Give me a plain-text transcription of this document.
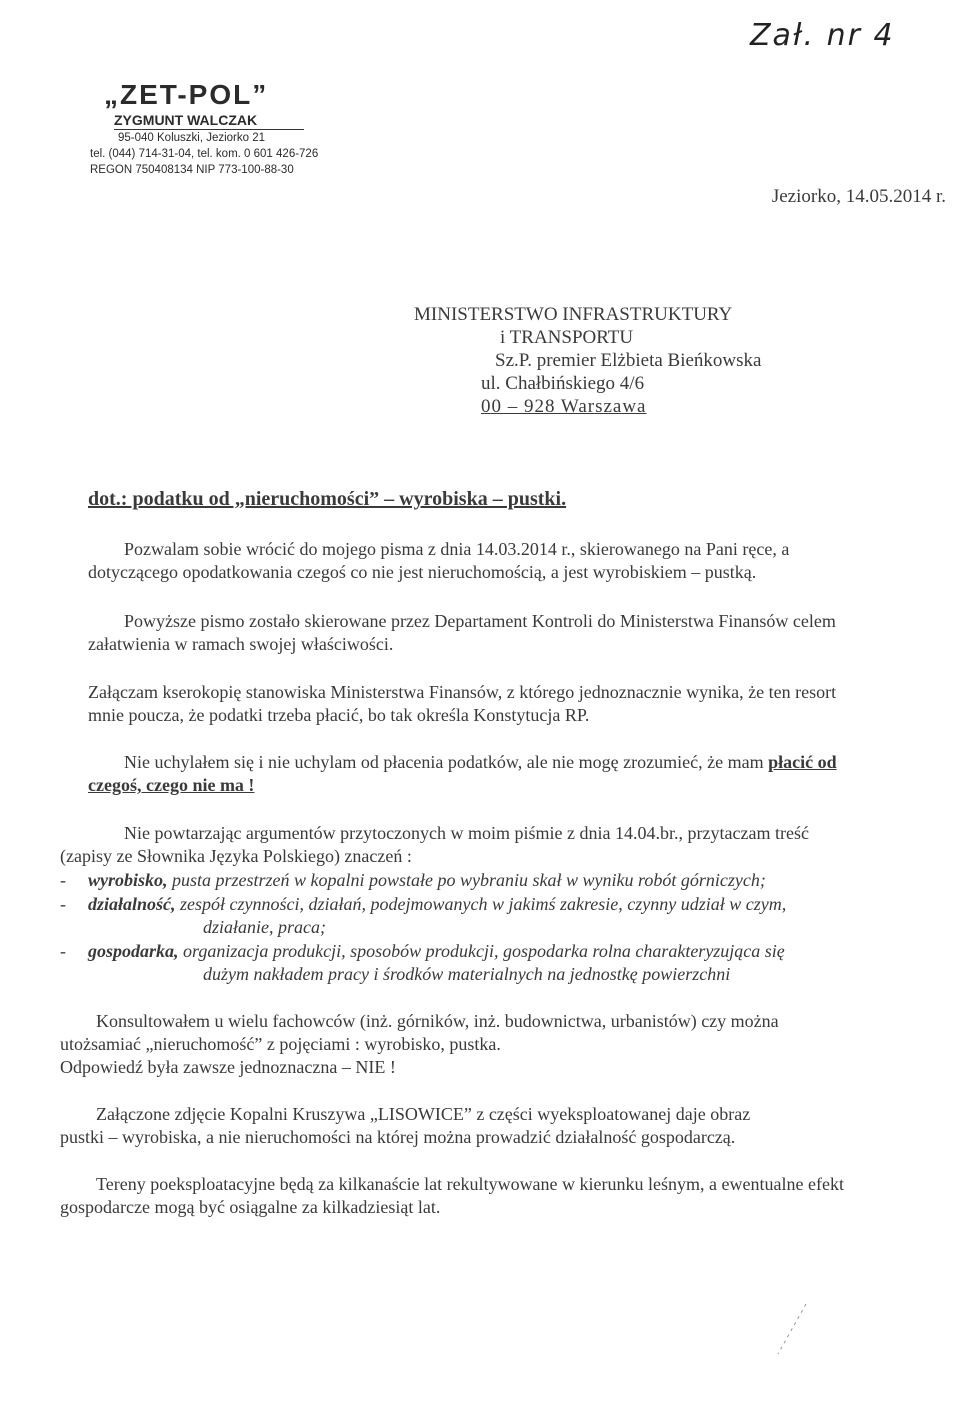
Zał. nr 4
„ZET-POL”
ZYGMUNT WALCZAK
95-040 Koluszki, Jeziorko 21
tel. (044) 714-31-04, tel. kom. 0 601 426-726
REGON 750408134 NIP 773-100-88-30
Jeziorko, 14.05.2014 r.
MINISTERSTWO INFRASTRUKTURY
i TRANSPORTU
Sz.P. premier Elżbieta Bieńkowska
ul. Chałbińskiego 4/6
00 – 928 Warszawa
dot.: podatku od „nieruchomości” – wyrobiska – pustki.
Pozwalam sobie wrócić do mojego pisma z dnia 14.03.2014 r., skierowanego na Pani ręce, a
dotyczącego opodatkowania czegoś co nie jest nieruchomością, a jest wyrobiskiem – pustką.
Powyższe pismo zostało skierowane przez Departament Kontroli do Ministerstwa Finansów celem
załatwienia w ramach swojej właściwości.
Załączam kserokopię stanowiska Ministerstwa Finansów, z którego jednoznacznie wynika, że ten resort
mnie poucza, że podatki trzeba płacić, bo tak określa Konstytucja RP.
Nie uchylałem się i nie uchylam od płacenia podatków, ale nie mogę zrozumieć, że mam płacić od
czegoś, czego nie ma !
Nie powtarzając argumentów przytoczonych w moim piśmie z dnia 14.04.br., przytaczam treść
(zapisy ze Słownika Języka Polskiego) znaczeń :
- wyrobisko, pusta przestrzeń w kopalni powstałe po wybraniu skał w wyniku robót górniczych;
- działalność, zespół czynności, działań, podejmowanych w jakimś zakresie, czynny udział w czym,
działanie, praca;
- gospodarka, organizacja produkcji, sposobów produkcji, gospodarka rolna charakteryzująca się
dużym nakładem pracy i środków materialnych na jednostkę powierzchni
Konsultowałem u wielu fachowców (inż. górników, inż. budownictwa, urbanistów) czy można
utożsamiać „nieruchomość” z pojęciami : wyrobisko, pustka.
Odpowiedź była zawsze jednoznaczna – NIE !
Załączone zdjęcie Kopalni Kruszywa „LISOWICE” z części wyeksploatowanej daje obraz
pustki – wyrobiska, a nie nieruchomości na której można prowadzić działalność gospodarczą.
Tereny poeksploatacyjne będą za kilkanaście lat rekultywowane w kierunku leśnym, a ewentualne efekt
gospodarcze mogą być osiągalne za kilkadziesiąt lat.
